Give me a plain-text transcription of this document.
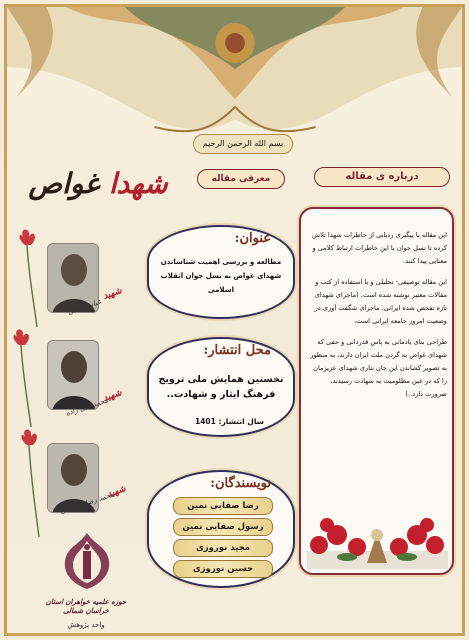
بسم الله الرحمن الرحیم
معرفی مقاله	درباره ی مقاله
شهدا غواص
شهید
عباس نجفی
شهید
محمد قلی زاده
شهید
محمد رضا سلیمانی
عنوان:
مطالعه و بررسی اهمیت شناساندن شهدای غواص به نسل جوان انقلاب اسلامی
محل انتشار:
نخستین همایش ملی ترویج فرهنگ ایثار و شهادت..
سال انتشار: 1401
نویسندگان:
رضا صفایی نمین
رسول صفایی نمین
مجید نوروزی
حسین نوروزی

این مقاله با پیگیری ردیابی از خاطرات شهدا تلاش کرده تا نسل جوان با این خاطرات ارتباط کلامی و معنایی پیدا کنند.

این مقاله توصیفی- تحلیلی و با استفاده از کتب و مقالات معتبر نوشته شده است. (ماجرای شهدای تازه تفحص شده ایرانی، ماجرای شگفت آوری در وضعیت امروز جامعه ایرانی است.

طراحی بنای یادمانی به پاس قدردانی و حفی که شهدای غواص به گردن ملت ایران دارند، به منظور به تصویر کشاندن این جان نثاری شهدای عزیزمان را که در عین مظلومیت به شهادت رسیدند، ضرورت دارد..)

حوزه علمیه خواهران استان خراسان شمالی
واحد پژوهش
